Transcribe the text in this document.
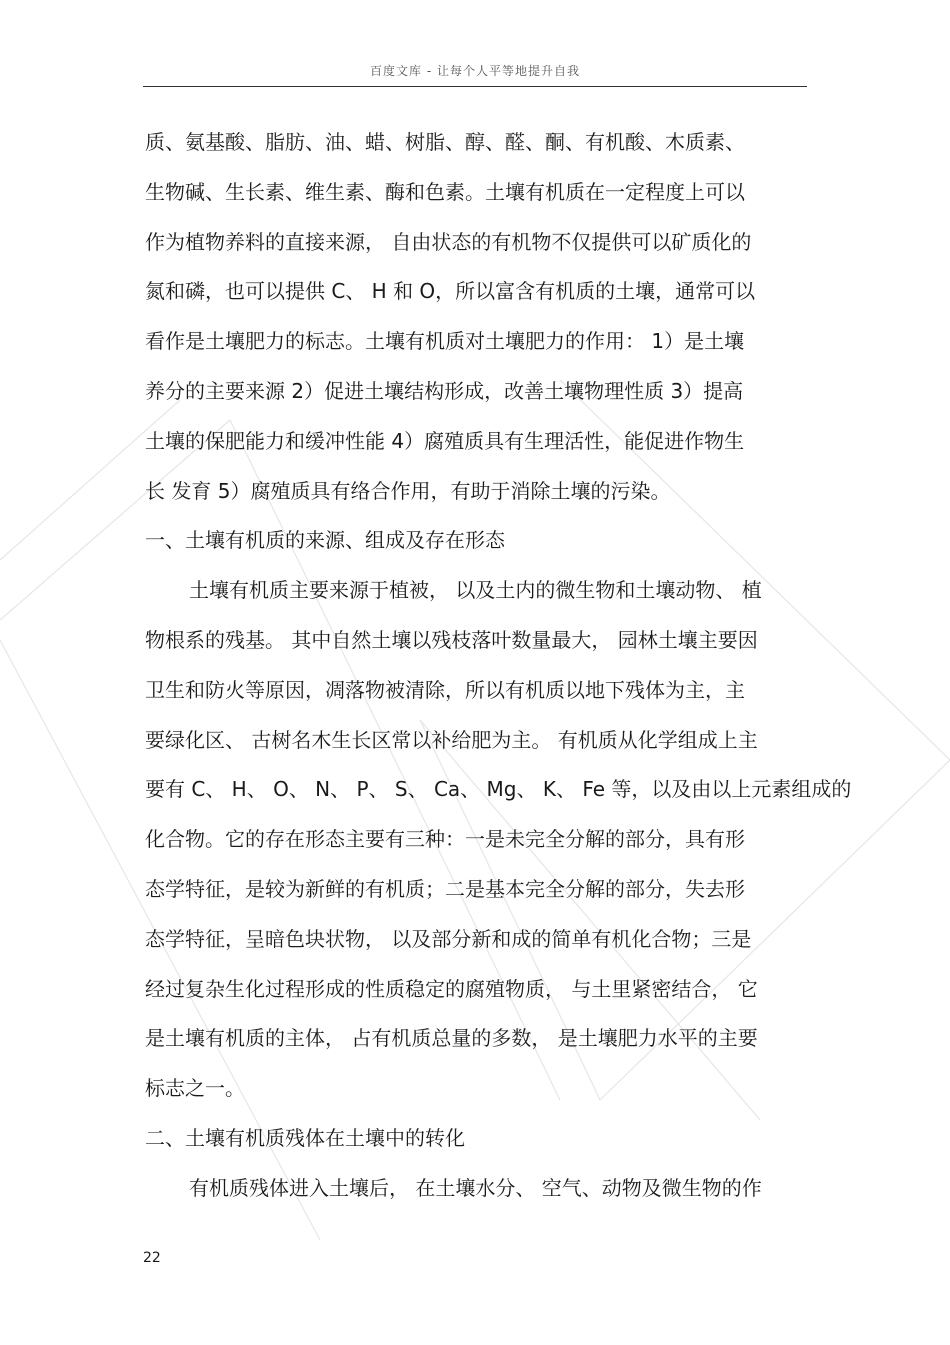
百度文库 - 让每个人平等地提升自我
质、氨基酸、脂肪、油、蜡、树脂、醇、醛、酮、有机酸、木质素、
生物碱、生长素、维生素、酶和色素。土壤有机质在一定程度上可以
作为植物养料的直接来源， 自由状态的有机物不仅提供可以矿质化的
氮和磷，也可以提供 C、 H 和 O，所以富含有机质的土壤，通常可以
看作是土壤肥力的标志。土壤有机质对土壤肥力的作用： 1）是土壤
养分的主要来源 2）促进土壤结构形成，改善土壤物理性质 3）提高
土壤的保肥能力和缓冲性能 4）腐殖质具有生理活性，能促进作物生
长 发育 5）腐殖质具有络合作用，有助于消除土壤的污染。
一、土壤有机质的来源、组成及存在形态
土壤有机质主要来源于植被， 以及土内的微生物和土壤动物、 植
物根系的残基。 其中自然土壤以残枝落叶数量最大， 园林土壤主要因
卫生和防火等原因，凋落物被清除，所以有机质以地下残体为主，主
要绿化区、 古树名木生长区常以补给肥为主。 有机质从化学组成上主
要有 C、 H、 O、 N、 P、 S、 Ca、 Mg、 K、 Fe 等，以及由以上元素组成的
化合物。它的存在形态主要有三种：一是未完全分解的部分，具有形
态学特征，是较为新鲜的有机质；二是基本完全分解的部分，失去形
态学特征，呈暗色块状物， 以及部分新和成的简单有机化合物；三是
经过复杂生化过程形成的性质稳定的腐殖物质， 与土里紧密结合， 它
是土壤有机质的主体， 占有机质总量的多数， 是土壤肥力水平的主要
标志之一。
二、土壤有机质残体在土壤中的转化
有机质残体进入土壤后， 在土壤水分、 空气、动物及微生物的作
22
